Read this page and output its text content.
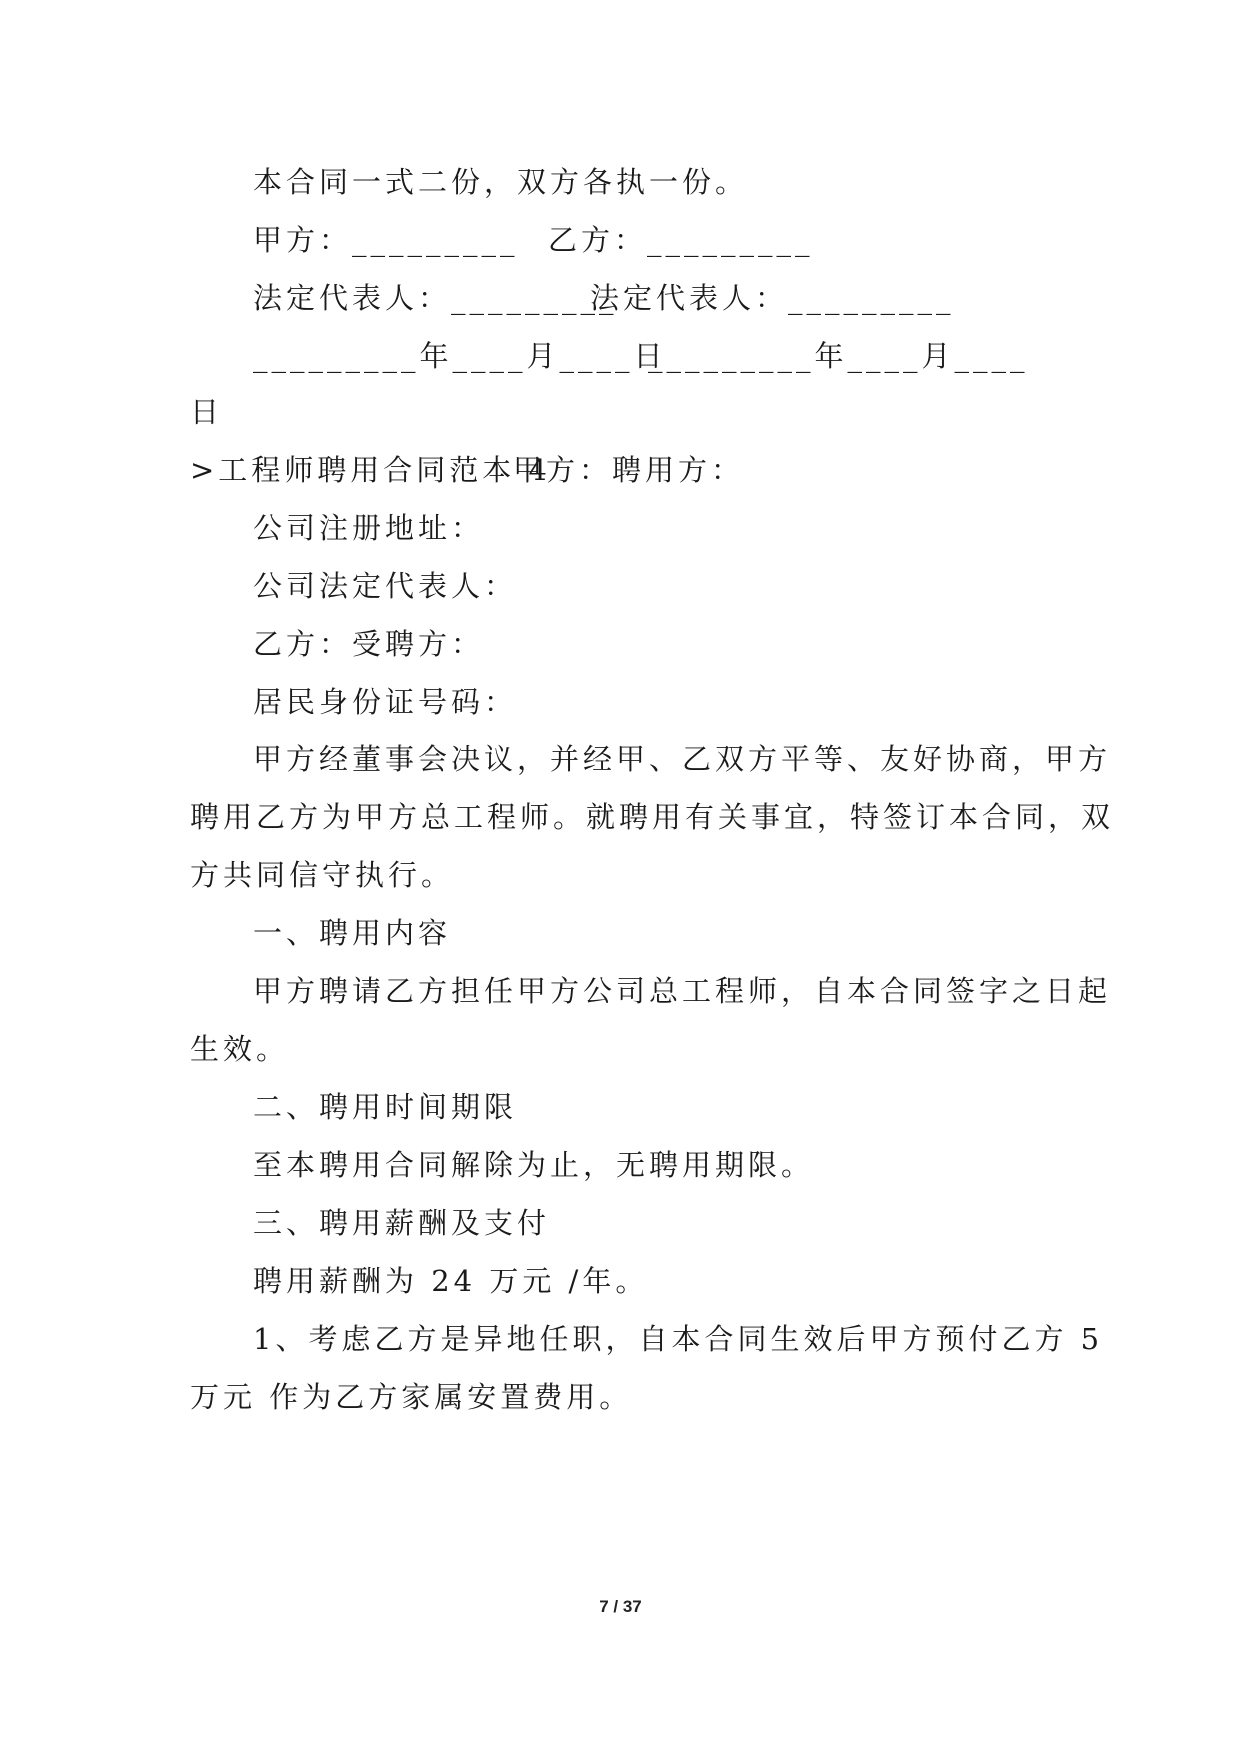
本合同一式二份，双方各执一份。
甲方：_________ 乙方：_________
法定代表人：_________
法定代表人：_________
_________年____月____日
_________年____月____
日
>工程师聘用合同范本 4
甲方：聘用方：
公司注册地址：
公司法定代表人：
乙方：受聘方：
居民身份证号码：
甲方经董事会决议，并经甲、乙双方平等、友好协商，甲方
聘用乙方为甲方总工程师。就聘用有关事宜，特签订本合同，双
方共同信守执行。
一、聘用内容
甲方聘请乙方担任甲方公司总工程师，自本合同签字之日起
生效。
二、聘用时间期限
至本聘用合同解除为止，无聘用期限。
三、聘用薪酬及支付
聘用薪酬为 24 万元 /年。
1、考虑乙方是异地任职，自本合同生效后甲方预付乙方 5
万元 作为乙方家属安置费用。
7 / 37
